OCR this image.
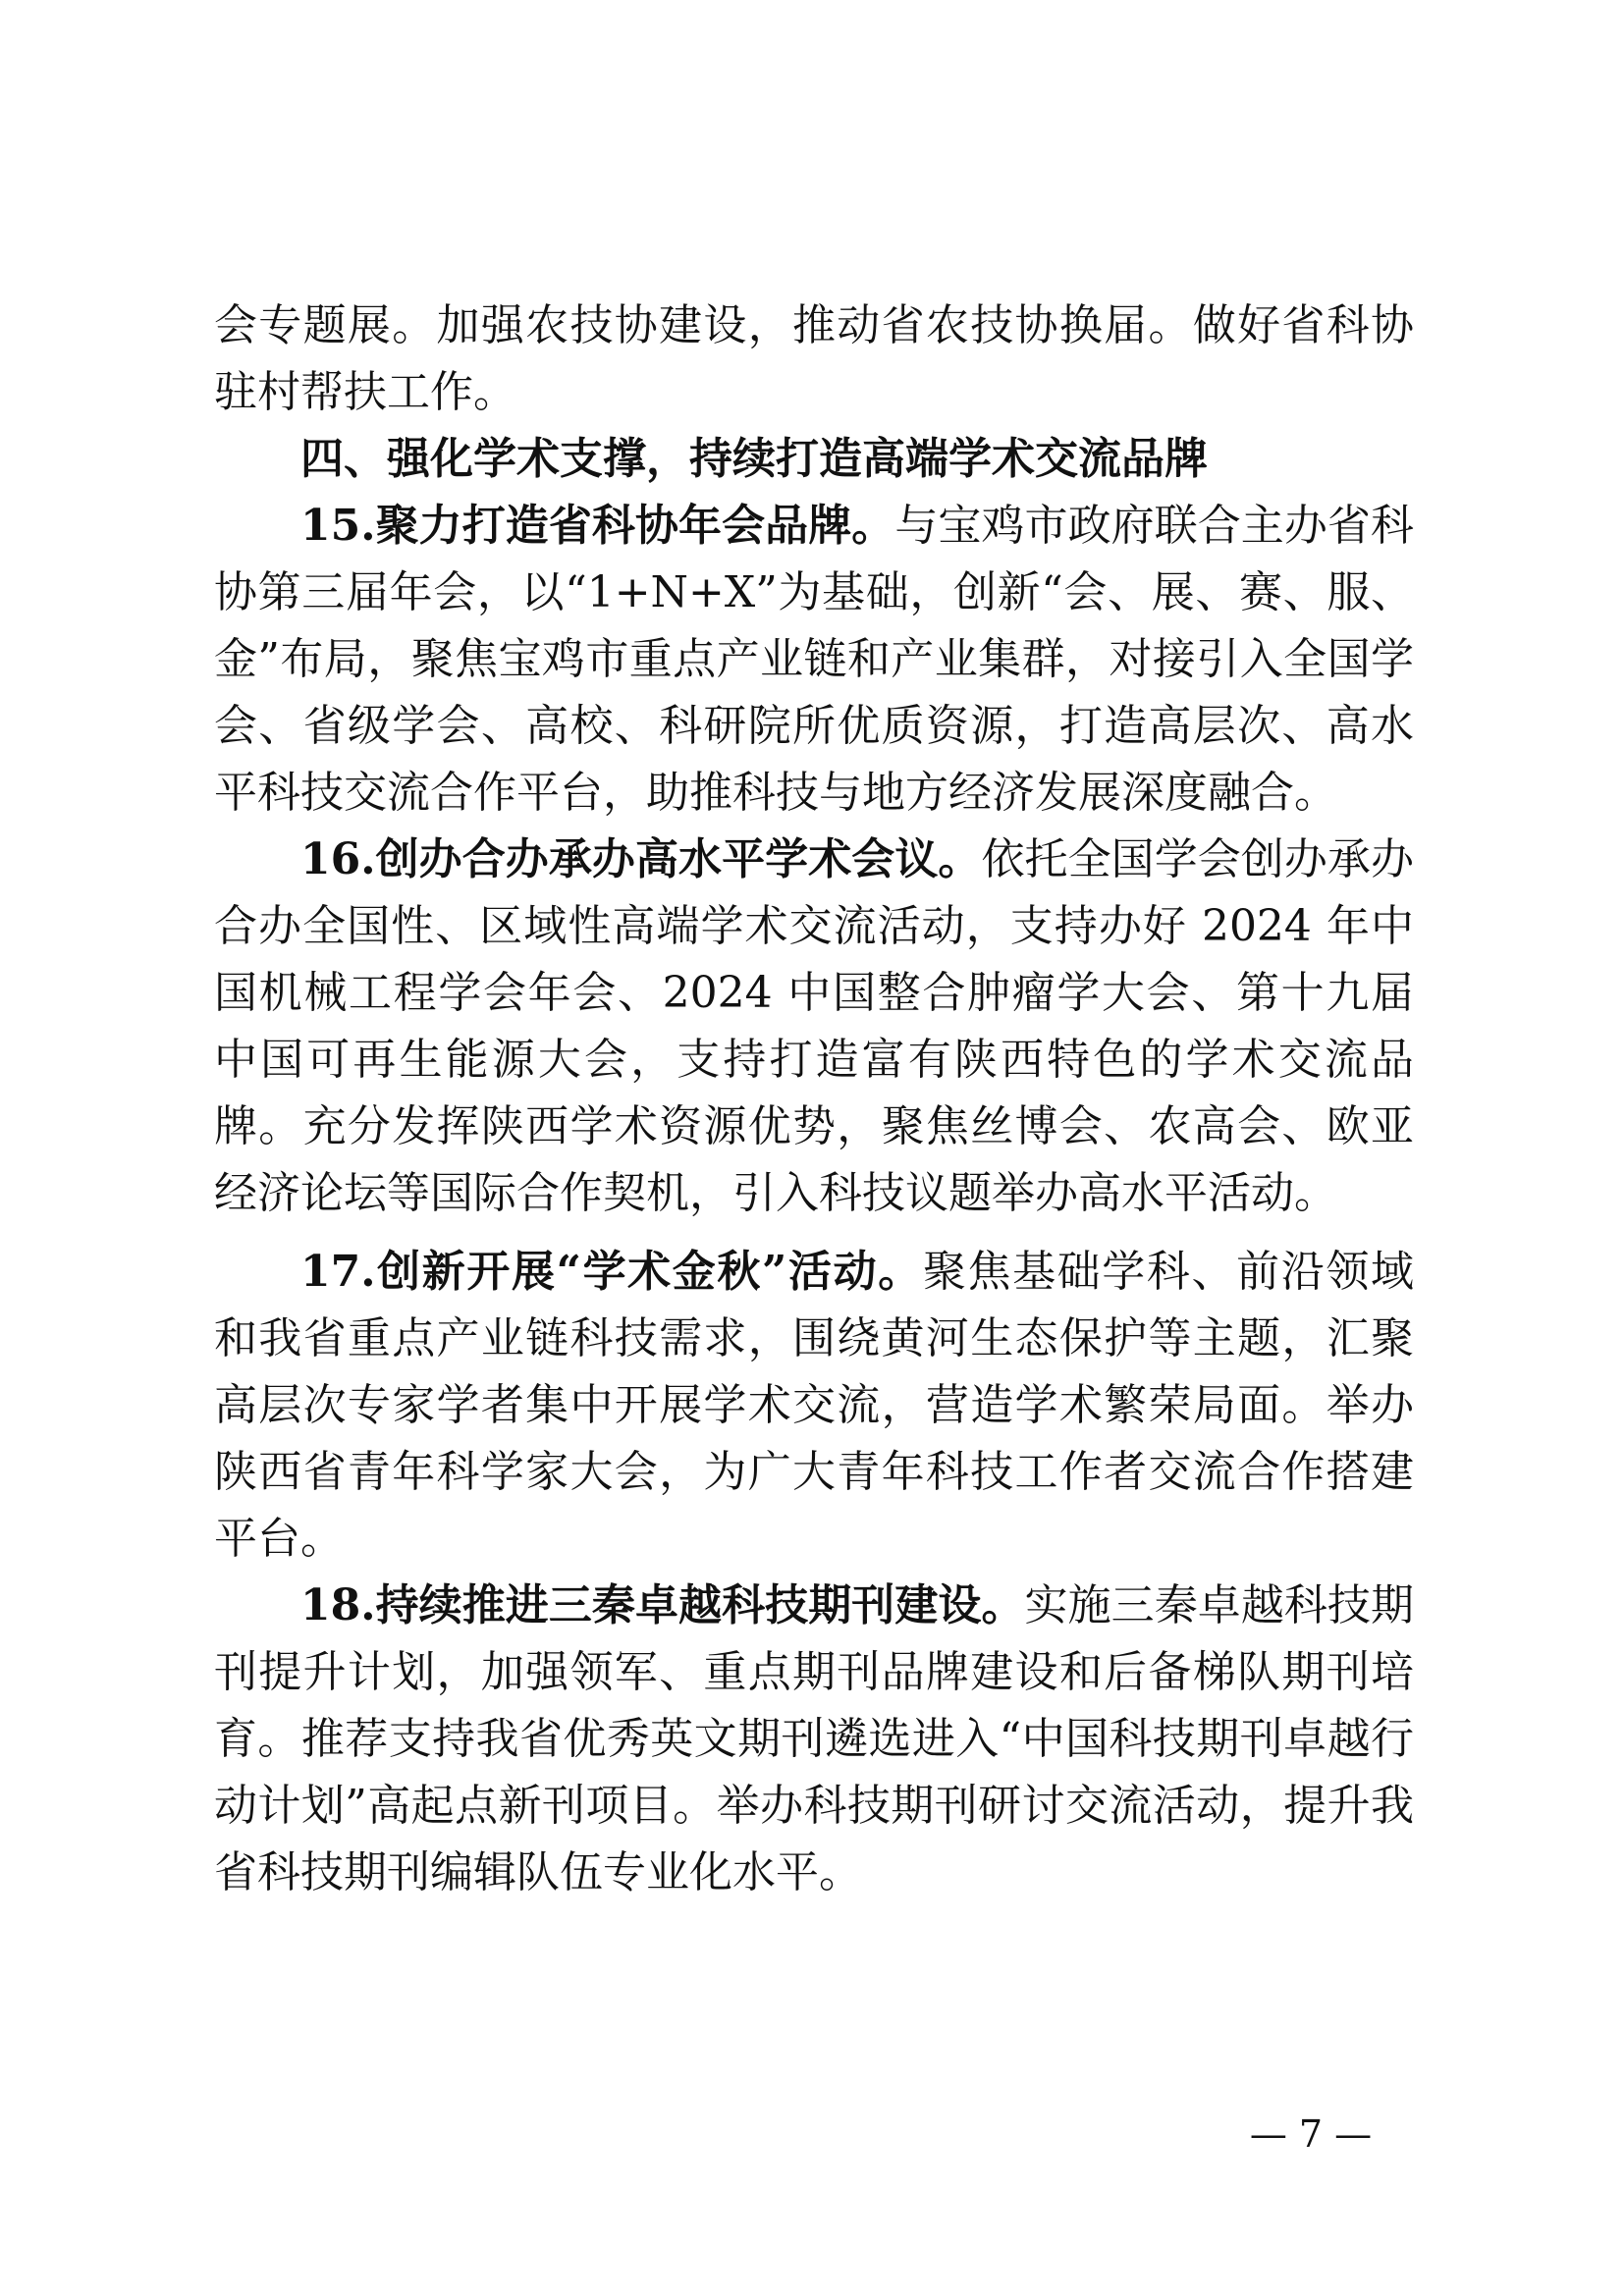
会专题展。加强农技协建设，推动省农技协换届。做好省科协驻村帮扶工作。

四、强化学术支撑，持续打造高端学术交流品牌

15.聚力打造省科协年会品牌。与宝鸡市政府联合主办省科协第三届年会，以“1+N+X”为基础，创新“会、展、赛、服、金”布局，聚焦宝鸡市重点产业链和产业集群，对接引入全国学会、省级学会、高校、科研院所优质资源，打造高层次、高水平科技交流合作平台，助推科技与地方经济发展深度融合。

16.创办合办承办高水平学术会议。依托全国学会创办承办合办全国性、区域性高端学术交流活动，支持办好 2024 年中国机械工程学会年会、2024 中国整合肿瘤学大会、第十九届中国可再生能源大会，支持打造富有陕西特色的学术交流品牌。充分发挥陕西学术资源优势，聚焦丝博会、农高会、欧亚经济论坛等国际合作契机，引入科技议题举办高水平活动。

17.创新开展“学术金秋”活动。聚焦基础学科、前沿领域和我省重点产业链科技需求，围绕黄河生态保护等主题，汇聚高层次专家学者集中开展学术交流，营造学术繁荣局面。举办陕西省青年科学家大会，为广大青年科技工作者交流合作搭建平台。

18.持续推进三秦卓越科技期刊建设。实施三秦卓越科技期刊提升计划，加强领军、重点期刊品牌建设和后备梯队期刊培育。推荐支持我省优秀英文期刊遴选进入“中国科技期刊卓越行动计划”高起点新刊项目。举办科技期刊研讨交流活动，提升我省科技期刊编辑队伍专业化水平。

— 7 —
